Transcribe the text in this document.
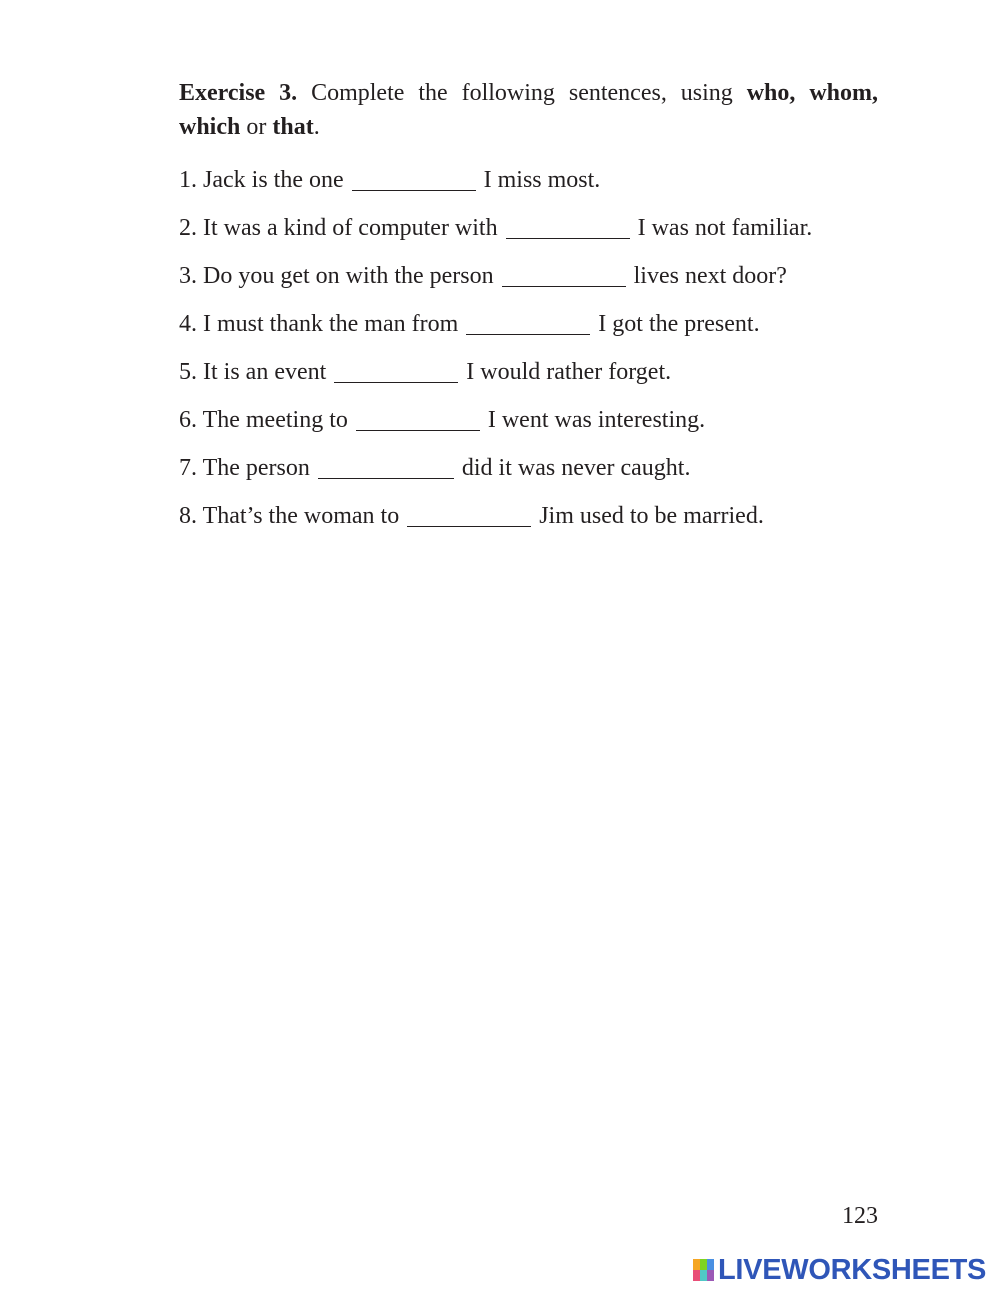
Exercise 3. Complete the following sentences, using who, whom, which or that.

1. Jack is the one	I miss most.
2. It was a kind of computer with	I was not familiar.
3. Do you get on with the person	lives next door?
4. I must thank the man from	I got the present.
5. It is an event	I would rather forget.
6. The meeting to	I went was interesting.
7. The person	did it was never caught.
8. That’s the woman to	Jim used to be married.
123
LIVEWORKSHEETS
